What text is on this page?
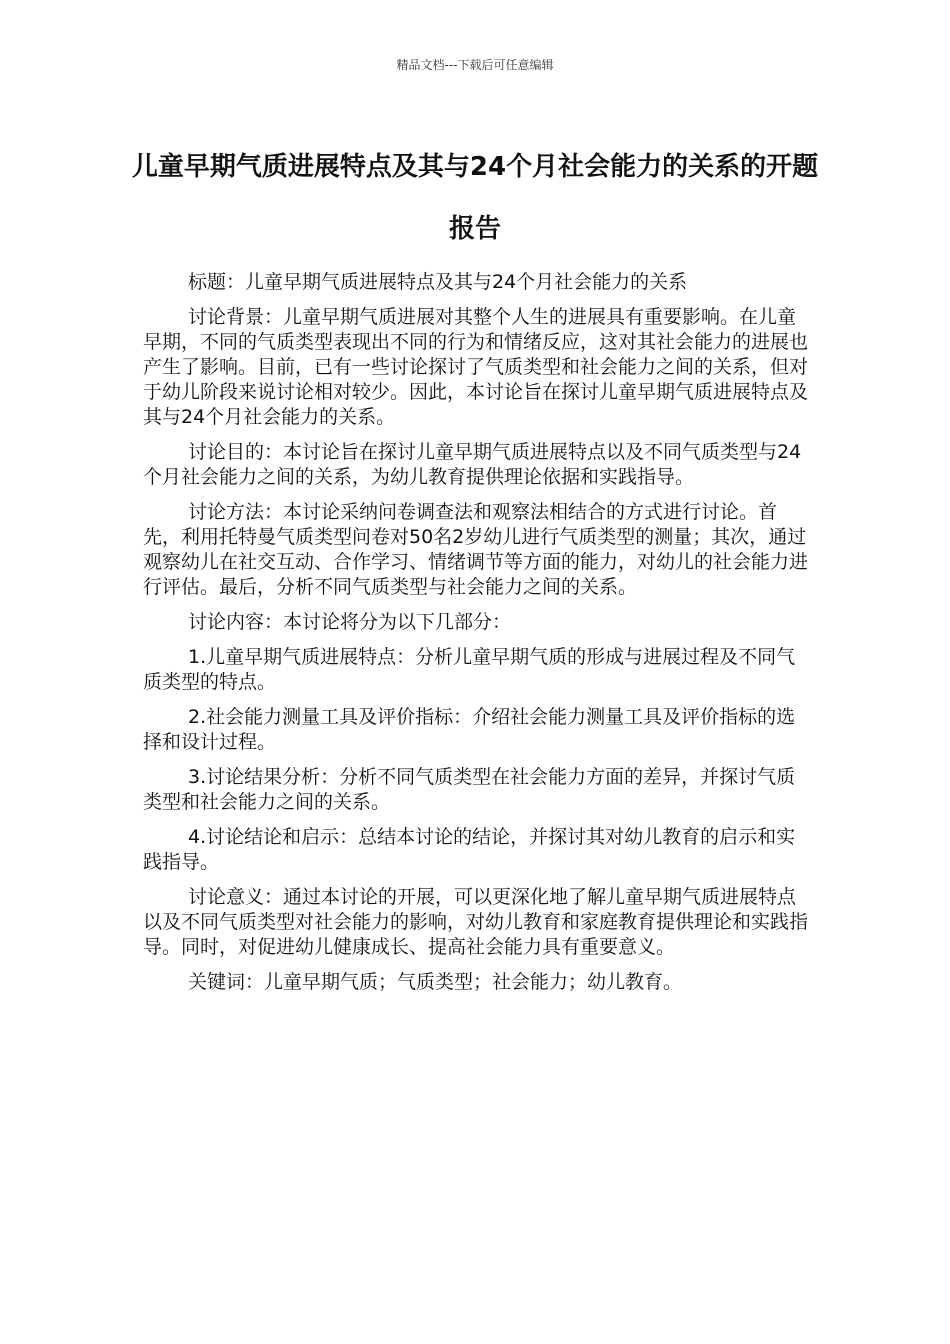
精品文档---下载后可任意编辑
儿童早期气质进展特点及其与24个月社会能力的关系的开题报告

标题：儿童早期气质进展特点及其与24个月社会能力的关系

讨论背景：儿童早期气质进展对其整个人生的进展具有重要影响。在儿童早期，不同的气质类型表现出不同的行为和情绪反应，这对其社会能力的进展也产生了影响。目前，已有一些讨论探讨了气质类型和社会能力之间的关系，但对于幼儿阶段来说讨论相对较少。因此，本讨论旨在探讨儿童早期气质进展特点及其与24个月社会能力的关系。

讨论目的：本讨论旨在探讨儿童早期气质进展特点以及不同气质类型与24个月社会能力之间的关系，为幼儿教育提供理论依据和实践指导。

讨论方法：本讨论采纳问卷调查法和观察法相结合的方式进行讨论。首先，利用托特曼气质类型问卷对50名2岁幼儿进行气质类型的测量；其次，通过观察幼儿在社交互动、合作学习、情绪调节等方面的能力，对幼儿的社会能力进行评估。最后，分析不同气质类型与社会能力之间的关系。

讨论内容：本讨论将分为以下几部分：

1.儿童早期气质进展特点：分析儿童早期气质的形成与进展过程及不同气质类型的特点。

2.社会能力测量工具及评价指标：介绍社会能力测量工具及评价指标的选择和设计过程。

3.讨论结果分析：分析不同气质类型在社会能力方面的差异，并探讨气质类型和社会能力之间的关系。

4.讨论结论和启示：总结本讨论的结论，并探讨其对幼儿教育的启示和实践指导。

讨论意义：通过本讨论的开展，可以更深化地了解儿童早期气质进展特点以及不同气质类型对社会能力的影响，对幼儿教育和家庭教育提供理论和实践指导。同时，对促进幼儿健康成长、提高社会能力具有重要意义。

关键词：儿童早期气质；气质类型；社会能力；幼儿教育。
